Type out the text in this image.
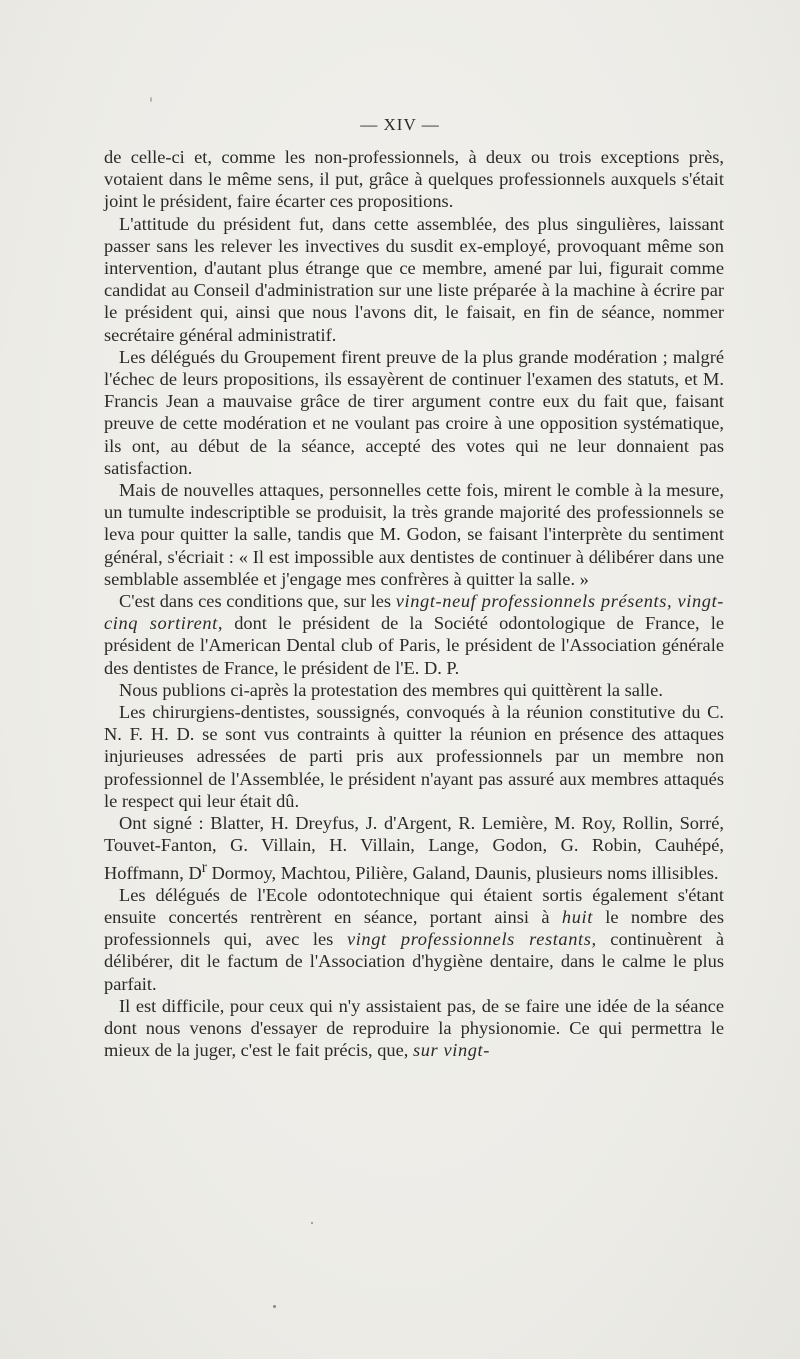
— XIV —

de celle-ci et, comme les non-professionnels, à deux ou trois exceptions près, votaient dans le même sens, il put, grâce à quelques professionnels auxquels s'était joint le président, faire écarter ces propositions.

L'attitude du président fut, dans cette assemblée, des plus singulières, laissant passer sans les relever les invectives du susdit ex-employé, provoquant même son intervention, d'autant plus étrange que ce membre, amené par lui, figurait comme candidat au Conseil d'administration sur une liste préparée à la machine à écrire par le président qui, ainsi que nous l'avons dit, le faisait, en fin de séance, nommer secrétaire général administratif.

Les délégués du Groupement firent preuve de la plus grande modération ; malgré l'échec de leurs propositions, ils essayèrent de continuer l'examen des statuts, et M. Francis Jean a mauvaise grâce de tirer argument contre eux du fait que, faisant preuve de cette modération et ne voulant pas croire à une opposition systématique, ils ont, au début de la séance, accepté des votes qui ne leur donnaient pas satisfaction.

Mais de nouvelles attaques, personnelles cette fois, mirent le comble à la mesure, un tumulte indescriptible se produisit, la très grande majorité des professionnels se leva pour quitter la salle, tandis que M. Godon, se faisant l'interprète du sentiment général, s'écriait : « Il est impossible aux dentistes de continuer à délibérer dans une semblable assemblée et j'engage mes confrères à quitter la salle. »

C'est dans ces conditions que, sur les vingt-neuf professionnels présents, vingt-cinq sortirent, dont le président de la Société odontologique de France, le président de l'American Dental club of Paris, le président de l'Association générale des dentistes de France, le président de l'E. D. P.

Nous publions ci-après la protestation des membres qui quittèrent la salle.

Les chirurgiens-dentistes, soussignés, convoqués à la réunion constitutive du C. N. F. H. D. se sont vus contraints à quitter la réunion en présence des attaques injurieuses adressées de parti pris aux professionnels par un membre non professionnel de l'Assemblée, le président n'ayant pas assuré aux membres attaqués le respect qui leur était dû.

Ont signé : Blatter, H. Dreyfus, J. d'Argent, R. Lemière, M. Roy, Rollin, Sorré, Touvet-Fanton, G. Villain, H. Villain, Lange, Godon, G. Robin, Cauhépé, Hoffmann, $D^r$ Dormoy, Machtou, Pilière, Galand, Daunis, plusieurs noms illisibles.

Les délégués de l'Ecole odontotechnique qui étaient sortis également s'étant ensuite concertés rentrèrent en séance, portant ainsi à huit le nombre des professionnels qui, avec les vingt professionnels restants, continuèrent à délibérer, dit le factum de l'Association d'hygiène dentaire, dans le calme le plus parfait.

Il est difficile, pour ceux qui n'y assistaient pas, de se faire une idée de la séance dont nous venons d'essayer de reproduire la physionomie. Ce qui permettra le mieux de la juger, c'est le fait précis, que, sur vingt-
